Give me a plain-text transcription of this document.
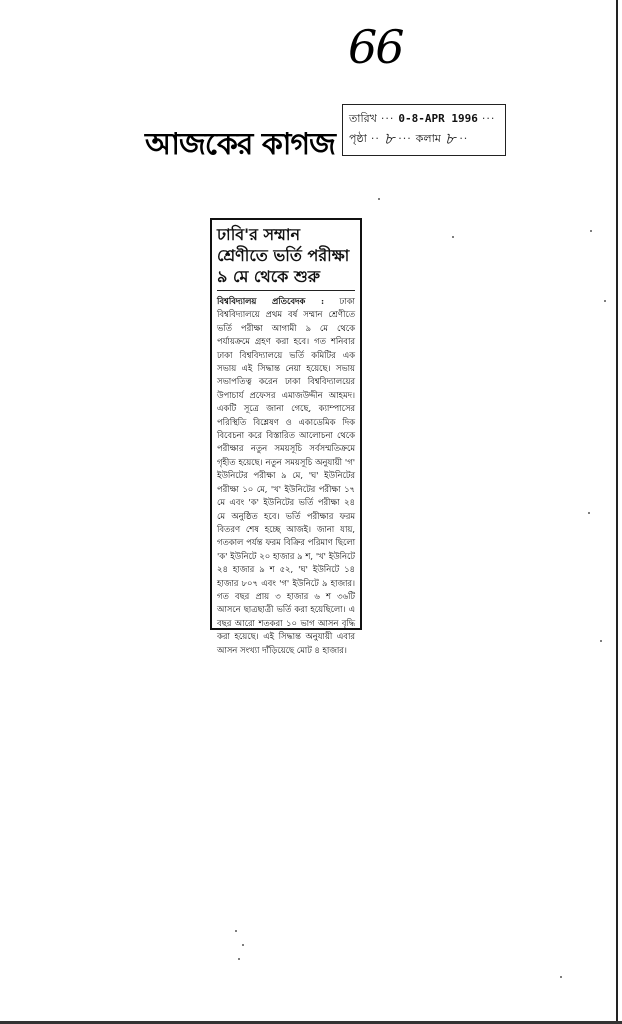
66
আজকের কাগজ
তারিখ ··· 0-8-APR 1996 ···
পৃষ্ঠা ·· ৮ ··· কলাম ৮ ··
ঢাবি'র সম্মান শ্রেণীতে ভর্তি পরীক্ষা ৯ মে থেকে শুরু

বিশ্ববিদ্যালয় প্রতিবেদক : ঢাকা বিশ্ববিদ্যালয়ে প্রথম বর্ষ সম্মান শ্রেণীতে ভর্তি পরীক্ষা আগামী ৯ মে থেকে পর্যায়ক্রমে গ্রহণ করা হবে। গত শনিবার ঢাকা বিশ্ববিদ্যালয়ে ভর্তি কমিটির এক সভায় এই সিদ্ধান্ত নেয়া হয়েছে। সভায় সভাপতিত্ব করেন ঢাকা বিশ্ববিদ্যালয়ের উপাচার্য প্রফেসর এমাজউদ্দীন আহমদ। একটি সূত্রে জানা গেছে, ক্যাম্পাসের পরিস্থিতি বিশ্লেষণ ও একাডেমিক দিক বিবেচনা করে বিস্তারিত আলোচনা থেকে পরীক্ষার নতুন সময়সূচি সর্বসম্মতিক্রমে গৃহীত হয়েছে। নতুন সময়সূচি অনুযায়ী 'গ' ইউনিটের পরীক্ষা ৯ মে, 'ঘ' ইউনিটের পরীক্ষা ১০ মে, 'খ' ইউনিটের পরীক্ষা ১৭ মে এবং 'ক' ইউনিটের ভর্তি পরীক্ষা ২৪ মে অনুষ্ঠিত হবে। ভর্তি পরীক্ষার ফরম বিতরণ শেষ হচ্ছে আজই। জানা যায়, গতকাল পর্যন্ত ফরম বিক্রির পরিমাণ ছিলো 'ক' ইউনিটে ২০ হাজার ৯ শ, 'খ' ইউনিটে ২৪ হাজার ৯ শ ৫২, 'ঘ' ইউনিটে ১৪ হাজার ৮০৭ এবং 'গ' ইউনিটে ৯ হাজার। গত বছর প্রায় ৩ হাজার ৬ শ ৩৬টি আসনে ছাত্রছাত্রী ভর্তি করা হয়েছিলো। এ বছর আরো শতকরা ১০ ভাগ আসন বৃদ্ধি করা হয়েছে। এই সিদ্ধান্ত অনুযায়ী এবার আসন সংখ্যা দাঁড়িয়েছে মোট ৪ হাজার।
